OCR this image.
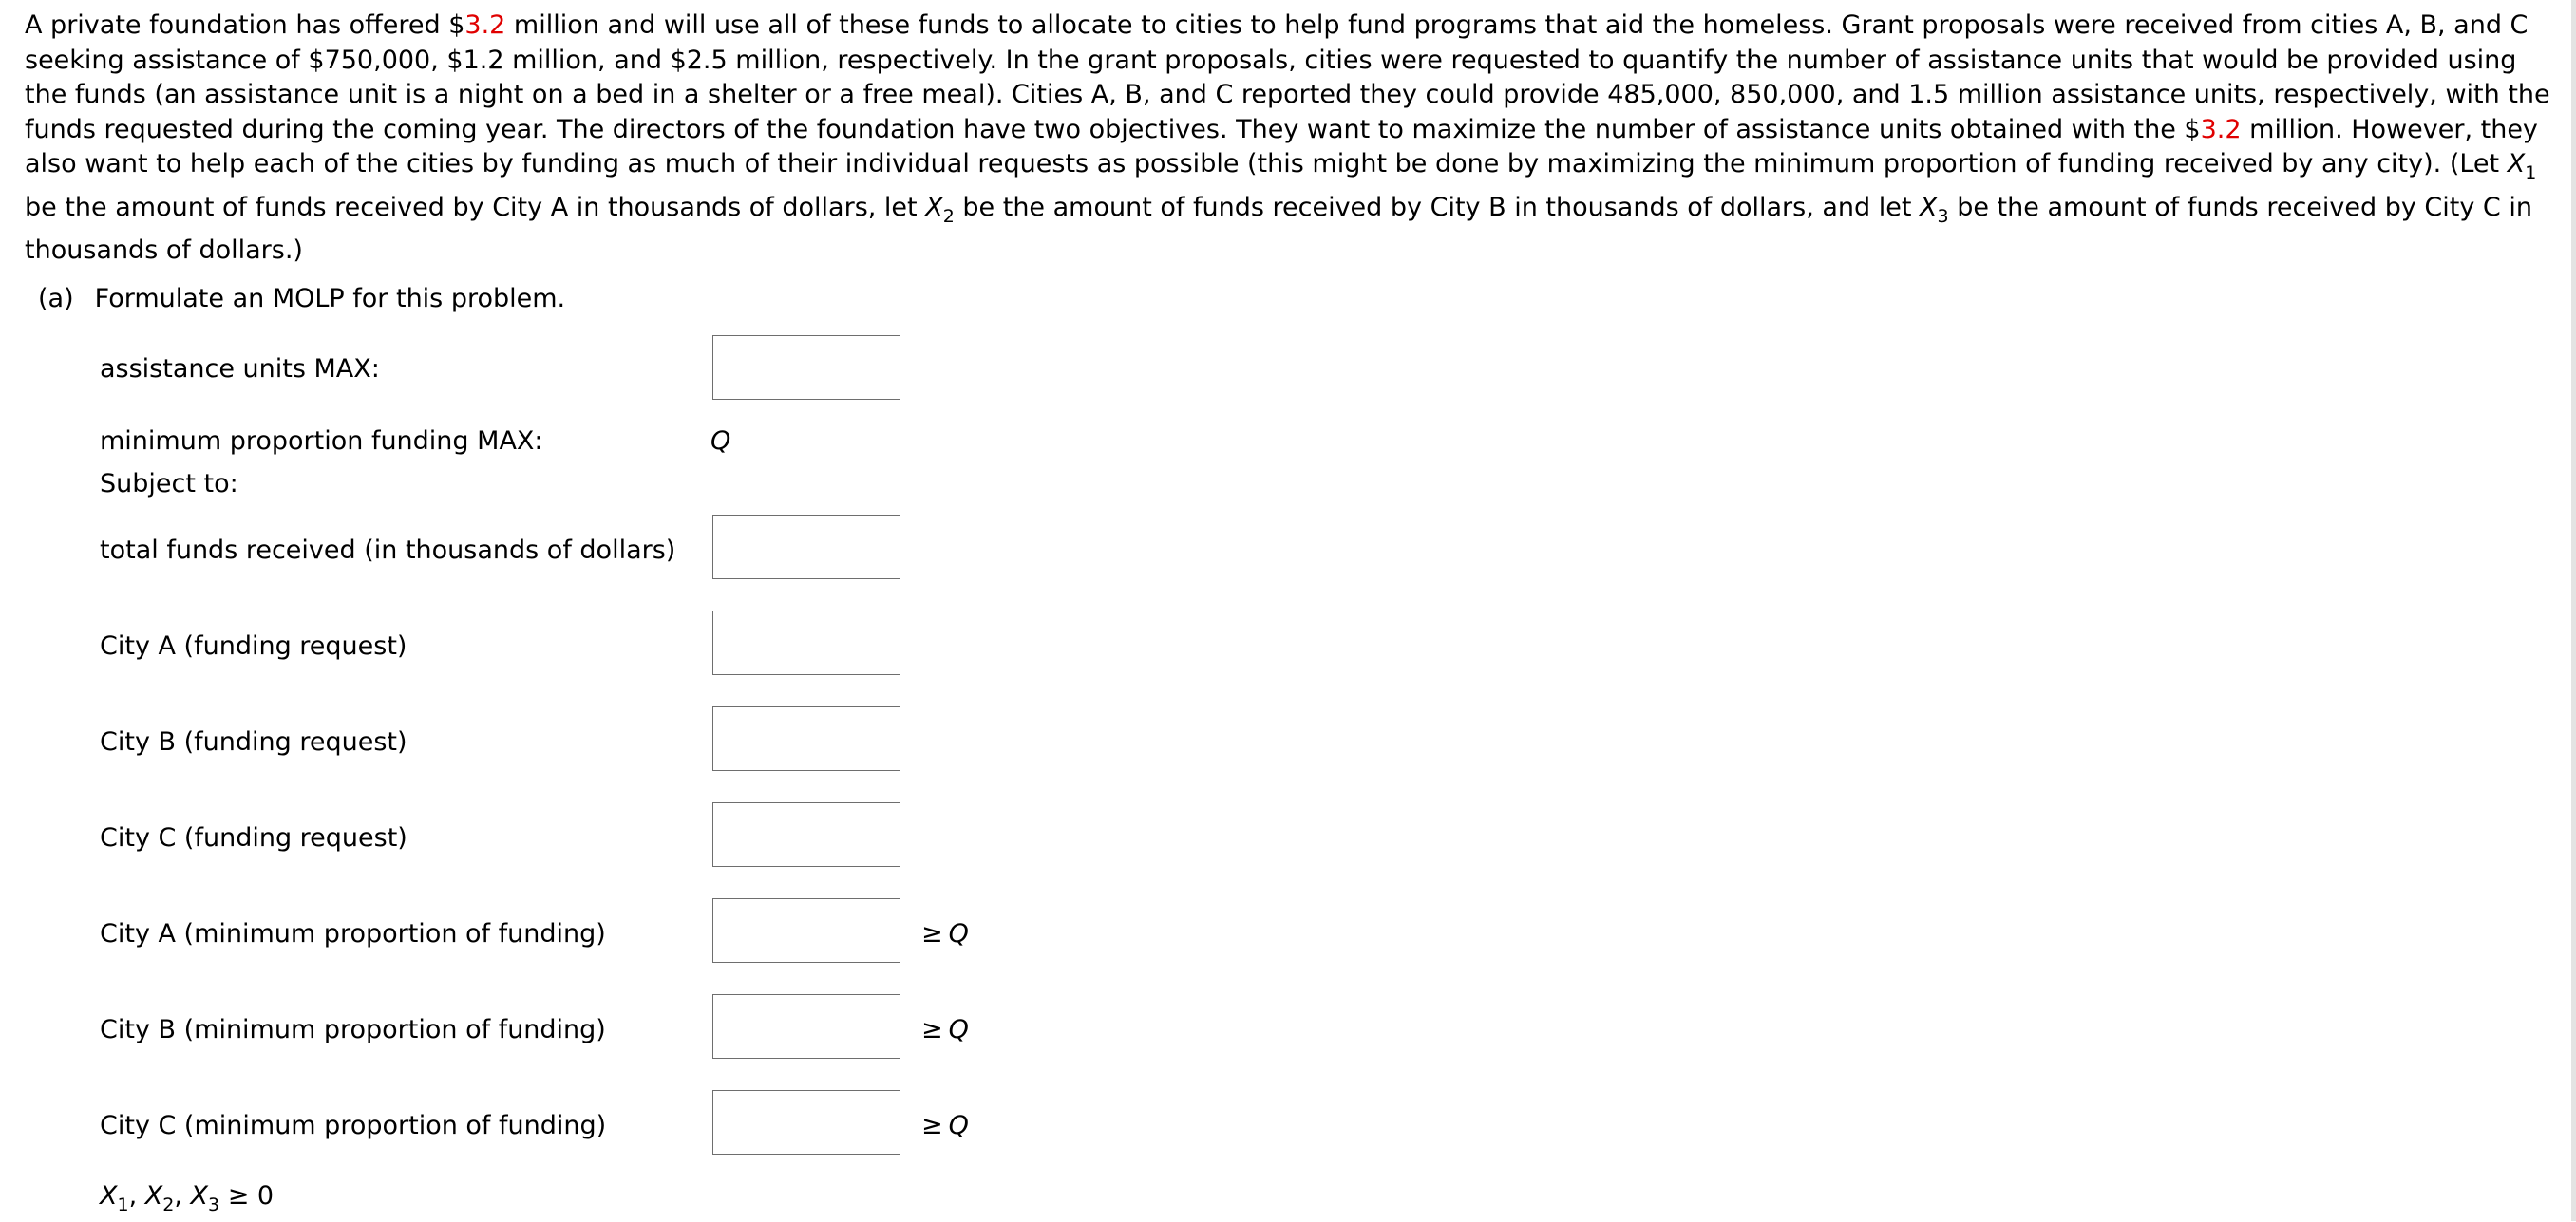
A private foundation has offered $3.2 million and will use all of these funds to allocate to cities to help fund programs that aid the homeless. Grant proposals were received from cities A, B, and C seeking assistance of $750,000, $1.2 million, and $2.5 million, respectively. In the grant proposals, cities were requested to quantify the number of assistance units that would be provided using the funds (an assistance unit is a night on a bed in a shelter or a free meal). Cities A, B, and C reported they could provide 485,000, 850,000, and 1.5 million assistance units, respectively, with the funds requested during the coming year. The directors of the foundation have two objectives. They want to maximize the number of assistance units obtained with the $3.2 million. However, they also want to help each of the cities by funding as much of their individual requests as possible (this might be done by maximizing the minimum proportion of funding received by any city). (Let $X_1$ be the amount of funds received by City A in thousands of dollars, let $X_2$ be the amount of funds received by City B in thousands of dollars, and let $X_3$ be the amount of funds received by City C in thousands of dollars.)

(a) Formulate an MOLP for this problem.
assistance units MAX:
minimum proportion funding MAX:	Q
Subject to:
total funds received (in thousands of dollars)
City A (funding request)
City B (funding request)
City C (funding request)
City A (minimum proportion of funding)	≥ Q
City B (minimum proportion of funding)	≥ Q
City C (minimum proportion of funding)	≥ Q
$X_1$, $X_2$, $X_3 \ge 0$
